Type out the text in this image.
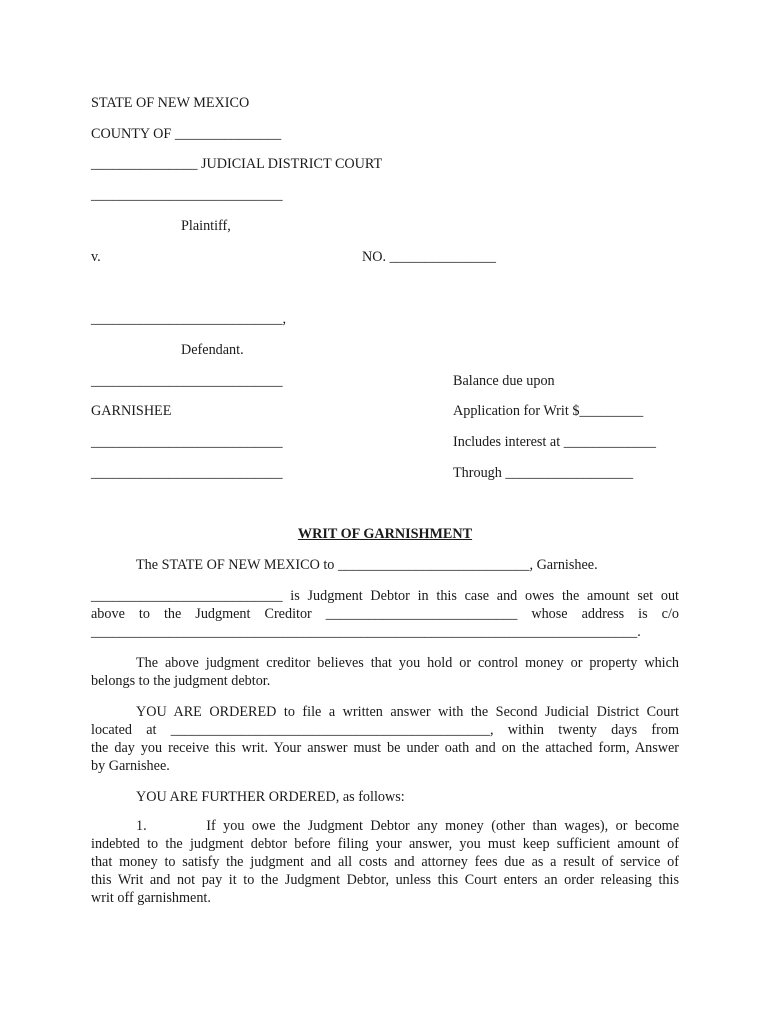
STATE OF NEW MEXICO
COUNTY OF _______________
_______________ JUDICIAL DISTRICT COURT
___________________________
Plaintiff,
v.	NO. _______________
___________________________,
Defendant.
___________________________
GARNISHEE
___________________________
___________________________
Balance due upon
Application for Writ $_________
Includes interest at _____________
Through __________________
WRIT OF GARNISHMENT
The STATE OF NEW MEXICO to ___________________________, Garnishee.
___________________________ is Judgment Debtor in this case and owes the amount set out
above to the Judgment Creditor ___________________________ whose address is c/o
_____________________________________________________________________________.
The above judgment creditor believes that you hold or control money or property which
belongs to the judgment debtor.
YOU ARE ORDERED to file a written answer with the Second Judicial District Court
located at _____________________________________________, within twenty days from
the day you receive this writ. Your answer must be under oath and on the attached form, Answer
by Garnishee.
YOU ARE FURTHER ORDERED, as follows:
1.        If you owe the Judgment Debtor any money (other than wages), or become
indebted to the judgment debtor before filing your answer, you must keep sufficient amount of
that money to satisfy the judgment and all costs and attorney fees due as a result of service of
this Writ and not pay it to the Judgment Debtor, unless this Court enters an order releasing this
writ off garnishment.
